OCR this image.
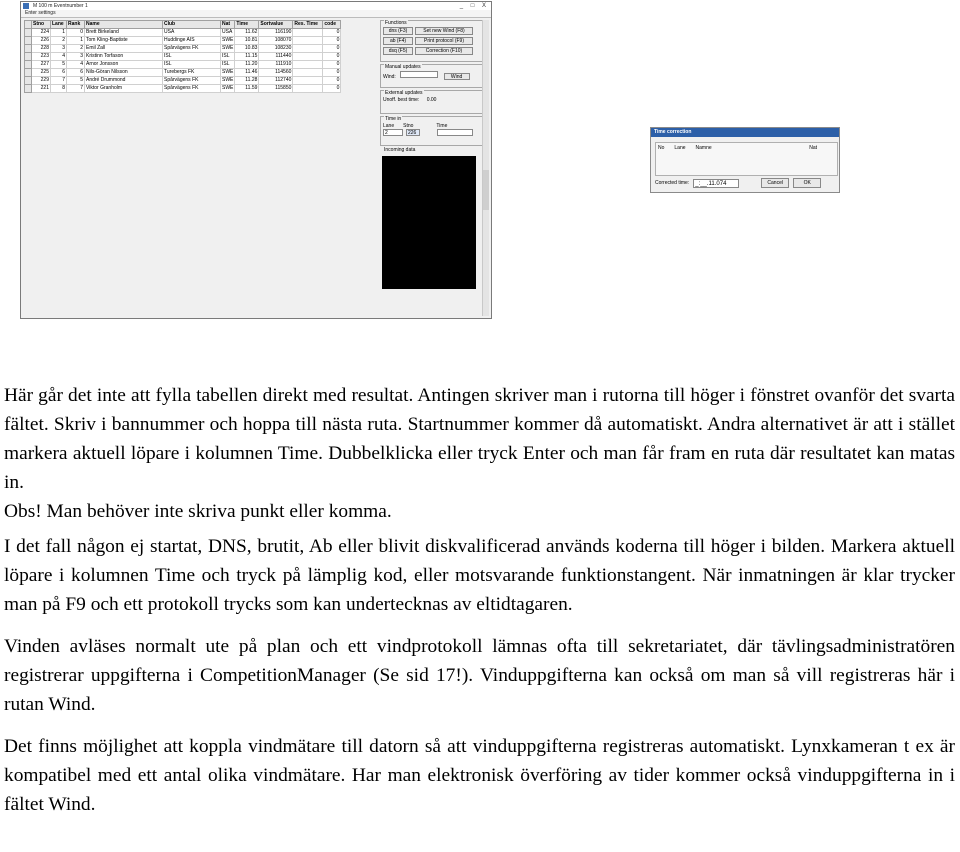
M 100 m Eventnumber 1	_ □ X
Enter settings
	Stno	Lane	Rank	Name	Club	Nat	Time	Sortvalue	Res. Time	code
	224	1	0	Brett Birkeland	USA	USA	11.62	116190		0
	226	2	1	Tom Kling-Baptiste	Huddinge AIS	SWE	10.81	108070		0
	228	3	2	Emil Zall	Spårvägens FK	SWE	10.83	108230		0
	223	4	3	Kristinn Torfason	ISL	ISL	11.15	111440		0
	227	5	4	Arnor Jonsson	ISL	ISL	11.20	111910		0
	225	6	6	Nils-Göran Nilsson	Turebergs FK	SWE	11.46	114560		0
	229	7	5	André Drummond	Spårvägens FK	SWE	11.28	112740		0
	221	8	7	Viktor Granholm	Spårvägens FK	SWE	11.59	115850		0
Functions
dns (F3)	Set new Wind (F8)
ab (F4)	Print protocol (F9)
dsq (F5)	Correction (F10)
Manual updates
Wind:	Wind
External updates
Unoff. best time: 0.00
Time in
Lane Stno	Time
2	226
Incoming data
Time correction
No Lane Namne	Nat
Corrected time:	_:__.11.074	Cancel	OK

Här går det inte att fylla tabellen direkt med resultat. Antingen skriver man i rutorna till höger i fönstret ovanför det svarta fältet. Skriv i bannummer och hoppa till nästa ruta. Startnummer kommer då automatiskt. Andra alternativet är att i stället markera aktuell löpare i kolumnen Time. Dubbelklicka eller tryck Enter och man får fram en ruta där resultatet kan matas in.

Obs! Man behöver inte skriva punkt eller komma.

I det fall någon ej startat, DNS, brutit, Ab eller blivit diskvalificerad används koderna till höger i bilden. Markera aktuell löpare i kolumnen Time och tryck på lämplig kod, eller motsvarande funktionstangent. När inmatningen är klar trycker man på F9 och ett protokoll trycks som kan undertecknas av eltidtagaren.

Vinden avläses normalt ute på plan och ett vindprotokoll lämnas ofta till sekretariatet, där tävlingsadministratören registrerar uppgifterna i CompetitionManager (Se sid 17!). Vinduppgifterna kan också om man så vill registreras här i rutan Wind.

Det finns möjlighet att koppla vindmätare till datorn så att vinduppgifterna registreras automatiskt. Lynxkameran t ex är kompatibel med ett antal olika vindmätare. Har man elektronisk överföring av tider kommer också vinduppgifterna in i fältet Wind.
